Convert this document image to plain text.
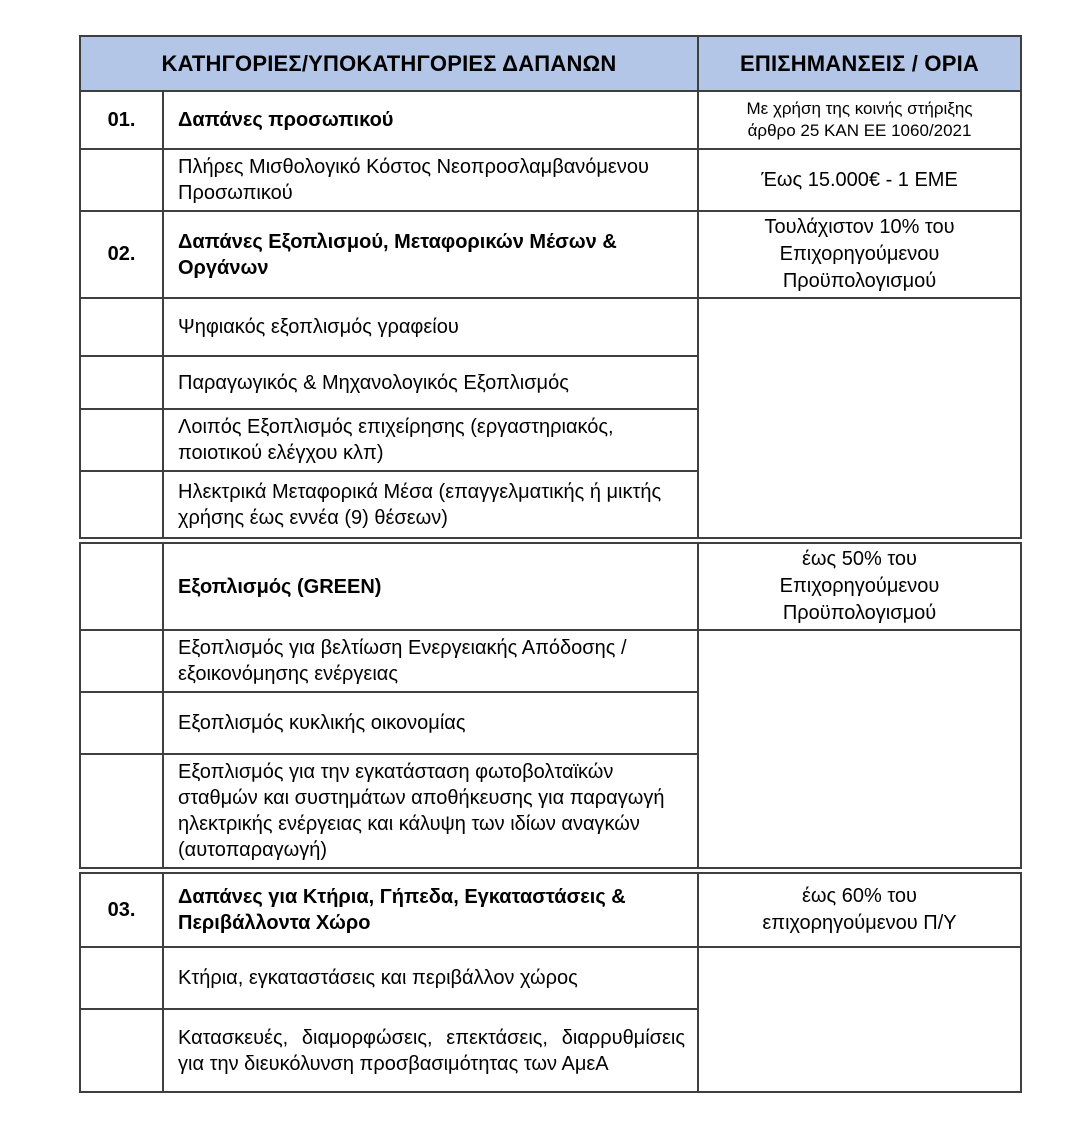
ΚΑΤΗΓΟΡΙΕΣ/ΥΠΟΚΑΤΗΓΟΡΙΕΣ ΔΑΠΑΝΩΝ		ΕΠΙΣΗΜΑΝΣΕΙΣ / ΟΡΙΑ
01.	Δαπάνες προσωπικού	Με χρήση της κοινής στήριξης άρθρο 25 ΚΑΝ ΕΕ 1060/2021
	Πλήρες Μισθολογικό Κόστος Νεοπροσλαμβανόμενου Προσωπικού	Έως 15.000€ - 1 ΕΜΕ
02.	Δαπάνες Εξοπλισμού, Μεταφορικών Μέσων & Οργάνων	Τουλάχιστον 10% του Επιχορηγούμενου Προϋπολογισμού
	Ψηφιακός εξοπλισμός γραφείου	
	Παραγωγικός & Μηχανολογικός Εξοπλισμός	
	Λοιπός Εξοπλισμός επιχείρησης (εργαστηριακός, ποιοτικού ελέγχου κλπ)	
	Ηλεκτρικά Μεταφορικά Μέσα (επαγγελματικής ή μικτής χρήσης έως εννέα (9) θέσεων)	
	Εξοπλισμός (GREEN)	έως 50% του Επιχορηγούμενου Προϋπολογισμού
	Εξοπλισμός για βελτίωση Ενεργειακής Απόδοσης /εξοικονόμησης ενέργειας	
	Εξοπλισμός κυκλικής οικονομίας	
	Εξοπλισμός για την εγκατάσταση φωτοβολταϊκών σταθμών και συστημάτων αποθήκευσης για παραγωγή ηλεκτρικής ενέργειας και κάλυψη των ιδίων αναγκών (αυτοπαραγωγή)	
03.	Δαπάνες για Κτήρια, Γήπεδα, Εγκαταστάσεις & Περιβάλλοντα Χώρο	έως 60% του επιχορηγούμενου Π/Υ
	Κτήρια, εγκαταστάσεις και περιβάλλον χώρος	
	Κατασκευές, διαμορφώσεις, επεκτάσεις, διαρρυθμίσεις για την διευκόλυνση προσβασιμότητας των ΑμεΑ	
